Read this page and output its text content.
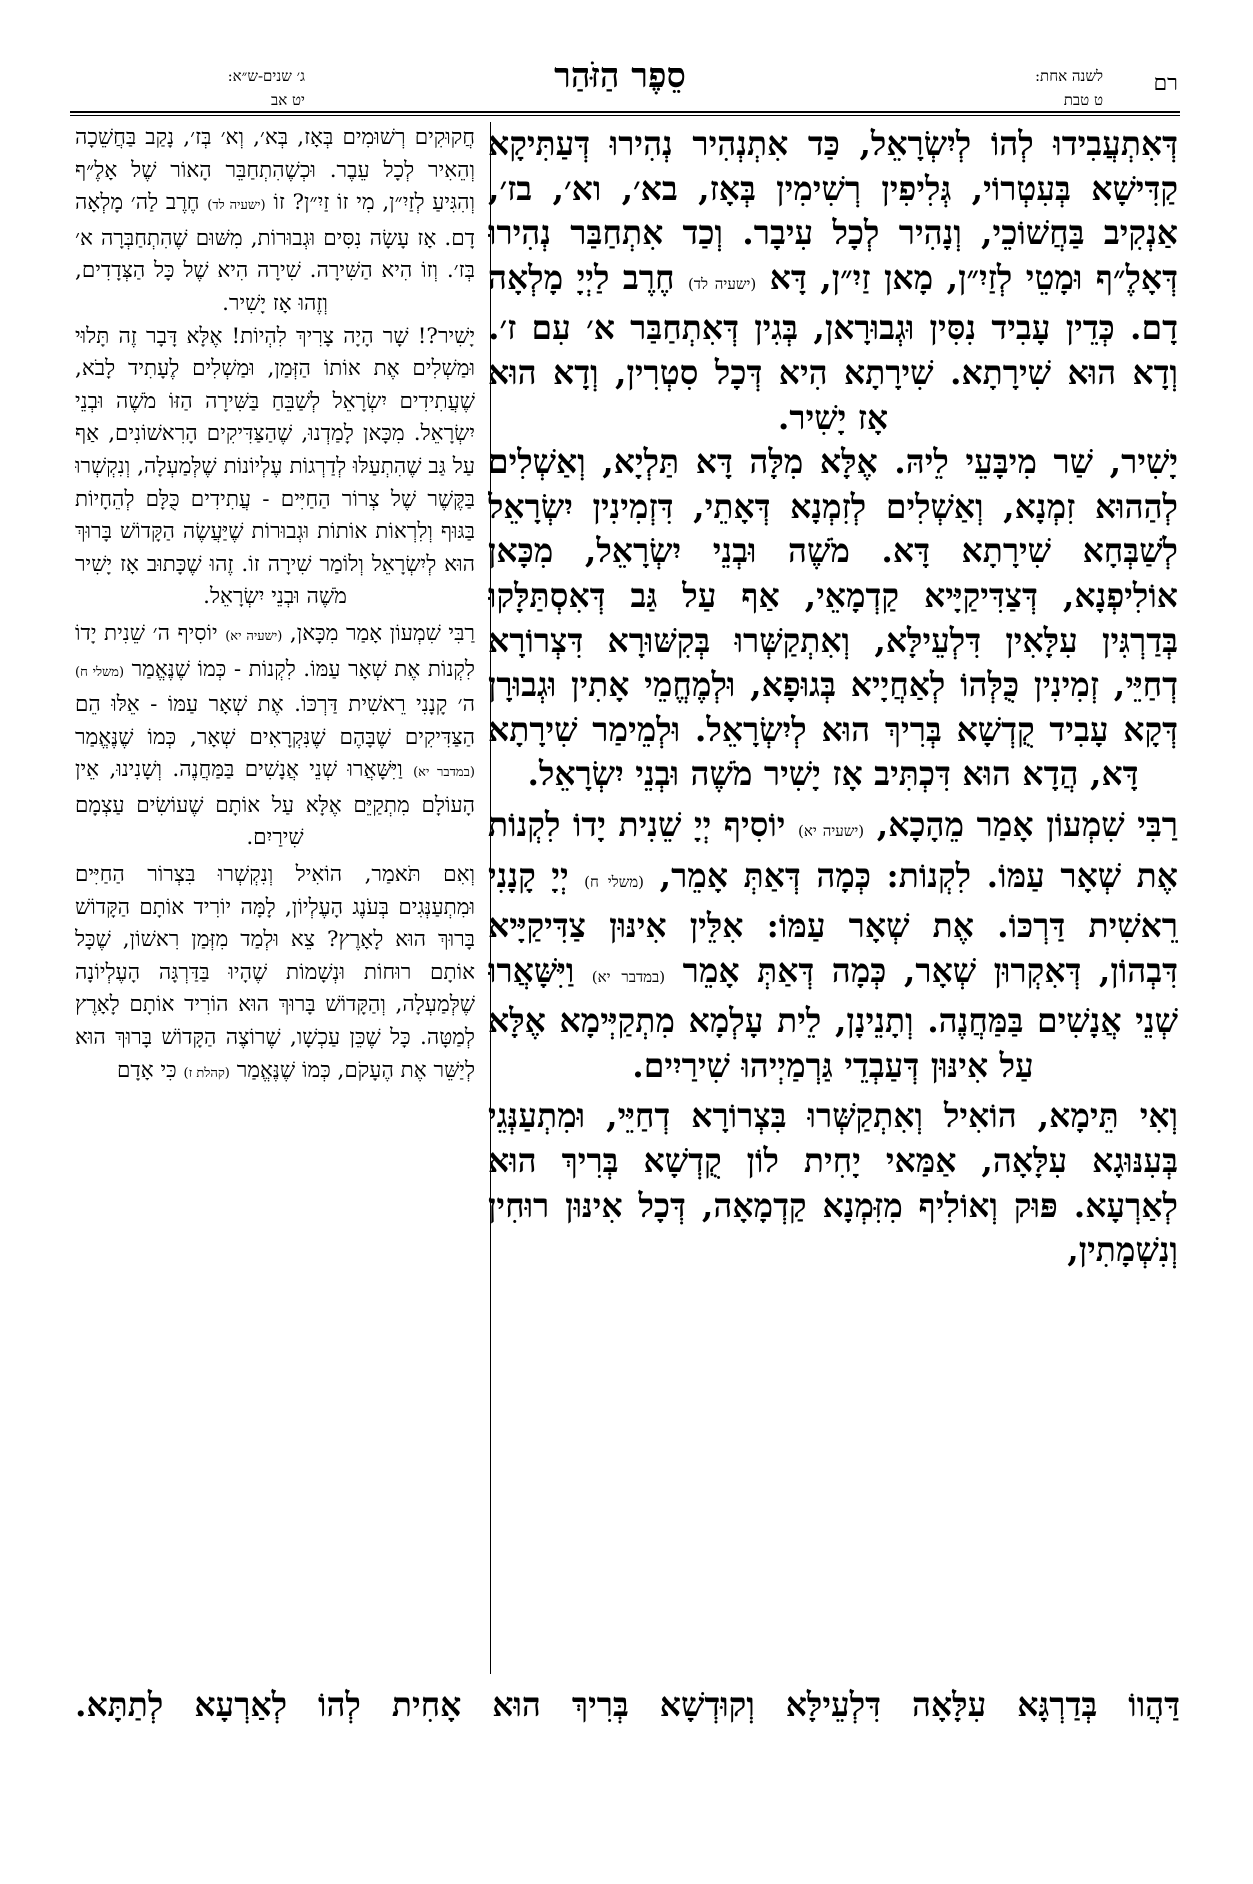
רם
לשנה אחת:
ט טבת
סֵפֶר הַזֹּהַר
ג׳ שנים-ש״א:
יט אב

דְּאִתְעֲבִידוּ לְהוֹ לְיִשְׂרָאֵל, כַּד אִתְנְהִיר נְהִירוּ דְּעַתִּיקָא קַדִּישָׁא בְּעִטְרוֹי, גְּלִיפִין רְשִׁימִין בְּאָז, בא׳, וא׳, בז׳, אַנְקִיב בַּחֲשׁוֹכֵי, וְנָהִיר לְכָל עִיבָר. וְכַד אִתְחַבַּר נְהִירוּ דְּאָלֶ״ף וּמָטֵי לְזַיִ״ן, מָאן זַיִ״ן, דָּא (ישעיה לד) חֶרֶב לַיְיָ מָלְאָה דָם. כְּדֵין עָבִיד נִסִּין וּגְבוּרָאן, בְּגִין דְּאִתְחַבַּר א׳ עִם ז׳. וְדָא הוּא שִׁירָתָא. שִׁירָתָא הִיא דְּכָל סִטְרִין, וְדָא הוּא אָז יָשִׁיר.

יָשִׁיר, שַׁר מִיבָּעֵי לֵיהּ. אֶלָּא מִלָּה דָּא תַּלְיָא, וְאַשְׁלִים לְהַהוּא זִמְנָא, וְאַשְׁלִים לְזִמְנָא דְּאָתֵי, דִּזְמִינִין יִשְׂרָאֵל לְשַׁבְּחָא שִׁירָתָא דָּא. מֹשֶׁה וּבְנֵי יִשְׂרָאֵל, מִכָּאן אוֹלִיפְנָא, דְּצַדִּיקַיָּיא קַדְמָאֵי, אַף עַל גַּב דְּאִסְתַּלָּקוּ בְּדַרְגִּין עִלָּאִין דִּלְעֵילָּא, וְאִתְקַשְּׁרוּ בְּקִשּׁוּרָא דִּצְרוֹרָא דְחַיֵּי, זְמִינִין כֻּלְּהוֹ לְאַחֲיָיא בְּגוּפָא, וּלְמֶחֱמֵי אָתִין וּגְבוּרָן דְּקָא עָבִיד קֻדְשָׁא בְּרִיךְ הוּא לְיִשְׂרָאֵל. וּלְמֵימַר שִׁירָתָא דָּא, הֲדָא הוּא דִּכְתִּיב אָז יָשִׁיר מֹשֶׁה וּבְנֵי יִשְׂרָאֵל.

רַבִּי שִׁמְעוֹן אָמַר מֵהָכָא, (ישעיה יא) יוֹסִיף יְיָ שֵׁנִית יָדוֹ לִקְנוֹת אֶת שְׁאָר עַמּוֹ. לִקְנוֹת: כְּמָה דְּאַתְּ אָמֵר, (משלי ח) יְיָ קָנָנִי רֵאשִׁית דַּרְכּוֹ. אֶת שְׁאָר עַמּוֹ: אִלֵּין אִינּוּן צַדִּיקַיָּיא דִּבְהוֹן, דְּאִקְרוּן שְׁאָר, כְּמָה דְּאַתְּ אָמֵר (במדבר יא) וַיִּשָּׁאֲרוּ שְׁנֵי אֲנָשִׁים בַּמַּחֲנֶה. וְתָנֵינָן, לֵית עָלְמָא מִתְקַיְּימָא אֶלָּא עַל אִינּוּן דְּעַבְדֵי גַּרְמַיְיהוּ שִׁירַיִים.

וְאִי תֵּימָא, הוֹאִיל וְאִתְקַשְּׁרוּ בִּצְרוֹרָא דְחַיֵּי, וּמִתְעַנְּגֵי בְּעִנּוּגָא עִלָּאָה, אַמַּאי יָחִית לוֹן קֻדְשָׁא בְּרִיךְ הוּא לְאַרְעָא. פּוּק וְאוֹלִיף מִזִּמְנָא קַדְמָאָה, דְּכָל אִינּוּן רוּחִין וְנִשְׁמָתִין,

חֲקוּקִים רְשׁוּמִים בְּאָז, בְּא׳, וְא׳ בְּז׳, נָקַב בַּחֲשֵׁכָה וְהֵאִיר לְכָל עֵבֶר. וּכְשֶׁהִתְחַבֵּר הָאוֹר שֶׁל אָלֶ״ף וְהִגִּיעַ לְזַיִ״ן, מִי זוֹ זַיִ״ן? זוֹ (ישעיה לד) חֶרֶב לַה׳ מָלְאָה דָם. אָז עָשָׂה נִסִּים וּגְבוּרוֹת, מִשּׁוּם שֶׁהִתְחַבְּרָה א׳ בְּז׳. וְזוֹ הִיא הַשִּׁירָה. שִׁירָה הִיא שֶׁל כָּל הַצְּדָדִים, וְזֶהוּ אָז יָשִׁיר.

יָשִׁיר?! שָׁר הָיָה צָרִיךְ לִהְיוֹת! אֶלָּא דָּבָר זֶה תָּלוּי וּמַשְׁלִים אֶת אוֹתוֹ הַזְּמַן, וּמַשְׁלִים לֶעָתִיד לָבֹא, שֶׁעֲתִידִים יִשְׂרָאֵל לְשַׁבֵּחַ בַּשִּׁירָה הַזּוֹ מֹשֶׁה וּבְנֵי יִשְׂרָאֵל. מִכָּאן לָמַדְנוּ, שֶׁהַצַּדִּיקִים הָרִאשׁוֹנִים, אַף עַל גַּב שֶׁהִתְעַלּוּ לְדַרְגוֹת עֶלְיוֹנוֹת שֶׁלְּמַעְלָה, וְנִקְשְׁרוּ בַּקֶּשֶׁר שֶׁל צְרוֹר הַחַיִּים - עֲתִידִים כֻּלָּם לְהֵחָיוֹת בַּגּוּף וְלִרְאוֹת אוֹתוֹת וּגְבוּרוֹת שֶׁיַּעֲשֶׂה הַקָּדוֹשׁ בָּרוּךְ הוּא לְיִשְׂרָאֵל וְלוֹמַר שִׁירָה זוֹ. זֶהוּ שֶׁכָּתוּב אָז יָשִׁיר מֹשֶׁה וּבְנֵי יִשְׂרָאֵל.

רַבִּי שִׁמְעוֹן אָמַר מִכָּאן, (ישעיה יא) יוֹסִיף ה׳ שֵׁנִית יָדוֹ לִקְנוֹת אֶת שְׁאָר עַמּוֹ. לִקְנוֹת - כְּמוֹ שֶׁנֶּאֱמַר (משלי ח) ה׳ קָנָנִי רֵאשִׁית דַּרְכּוֹ. אֶת שְׁאָר עַמּוֹ - אֵלּוּ הֵם הַצַּדִּיקִים שֶׁבָּהֶם שֶׁנִּקְרָאִים שְׁאָר, כְּמוֹ שֶׁנֶּאֱמַר (במדבר יא) וַיִּשָּׁאֲרוּ שְׁנֵי אֲנָשִׁים בַּמַּחֲנֶה. וְשָׁנִינוּ, אֵין הָעוֹלָם מִתְקַיֵּם אֶלָּא עַל אוֹתָם שֶׁעוֹשִׂים עַצְמָם שִׁירַיִם.

וְאִם תֹּאמַר, הוֹאִיל וְנִקְשְׁרוּ בִּצְרוֹר הַחַיִּים וּמִתְעַנְּגִים בְּעֹנֶג הָעֶלְיוֹן, לָמָּה יוֹרִיד אוֹתָם הַקָּדוֹשׁ בָּרוּךְ הוּא לָאָרֶץ? צֵא וּלְמַד מִזְּמַן רִאשׁוֹן, שֶׁכָּל אוֹתָם רוּחוֹת וּנְשָׁמוֹת שֶׁהָיוּ בַּדַּרְגָּה הָעֶלְיוֹנָה שֶׁלְּמַעְלָה, וְהַקָּדוֹשׁ בָּרוּךְ הוּא הוֹרִיד אוֹתָם לָאָרֶץ לְמַטָּה. כָּל שֶׁכֵּן עַכְשָׁו, שֶׁרוֹצֶה הַקָּדוֹשׁ בָּרוּךְ הוּא לְיַשֵּׁר אֶת הֶעָקֹם, כְּמוֹ שֶׁנֶּאֱמַר (קהלת ז) כִּי אָדָם

דַּהֲווֹ בְּדַרְגָּא עִלָּאָה דִּלְעֵילָּא וְקוּדְשָׁא בְּרִיךְ הוּא אָחִית לְהוֹ לְאַרְעָא לְתַתָּא.
